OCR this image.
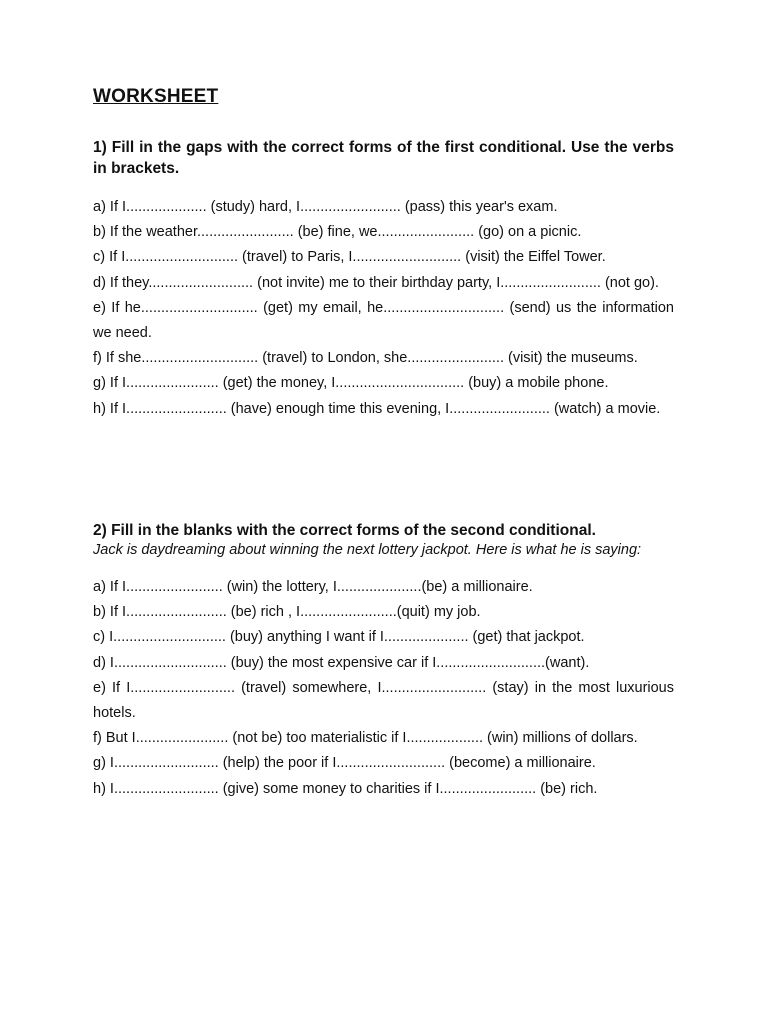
WORKSHEET
1) Fill in the gaps with the correct forms of the first conditional. Use the verbs in brackets.
a) If I.................... (study) hard, I......................... (pass) this year's exam.
b) If the weather........................ (be) fine, we........................ (go) on a picnic.
c) If I............................ (travel) to Paris, I........................... (visit) the Eiffel Tower.
d) If they.......................... (not invite) me to their birthday party, I......................... (not go).
e) If he............................. (get) my email, he.............................. (send) us the information we need.
f) If she............................. (travel) to London, she........................ (visit) the museums.
g) If I....................... (get) the money, I................................ (buy) a mobile phone.
h) If I......................... (have) enough time this evening, I......................... (watch) a movie.
2) Fill in the blanks with the correct forms of the second conditional.
Jack is daydreaming about winning the next lottery jackpot. Here is what he is saying:
a) If I........................ (win) the lottery, I.....................(be) a millionaire.
b) If I......................... (be) rich , I........................(quit) my job.
c) I............................ (buy) anything I want if I..................... (get) that jackpot.
d) I............................ (buy) the most expensive car if I...........................(want).
e) If I.......................... (travel) somewhere, I.......................... (stay) in the most luxurious hotels.
f) But I....................... (not be) too materialistic if I................... (win) millions of dollars.
g) I.......................... (help) the poor if I........................... (become) a millionaire.
h) I.......................... (give) some money to charities if I........................ (be) rich.
